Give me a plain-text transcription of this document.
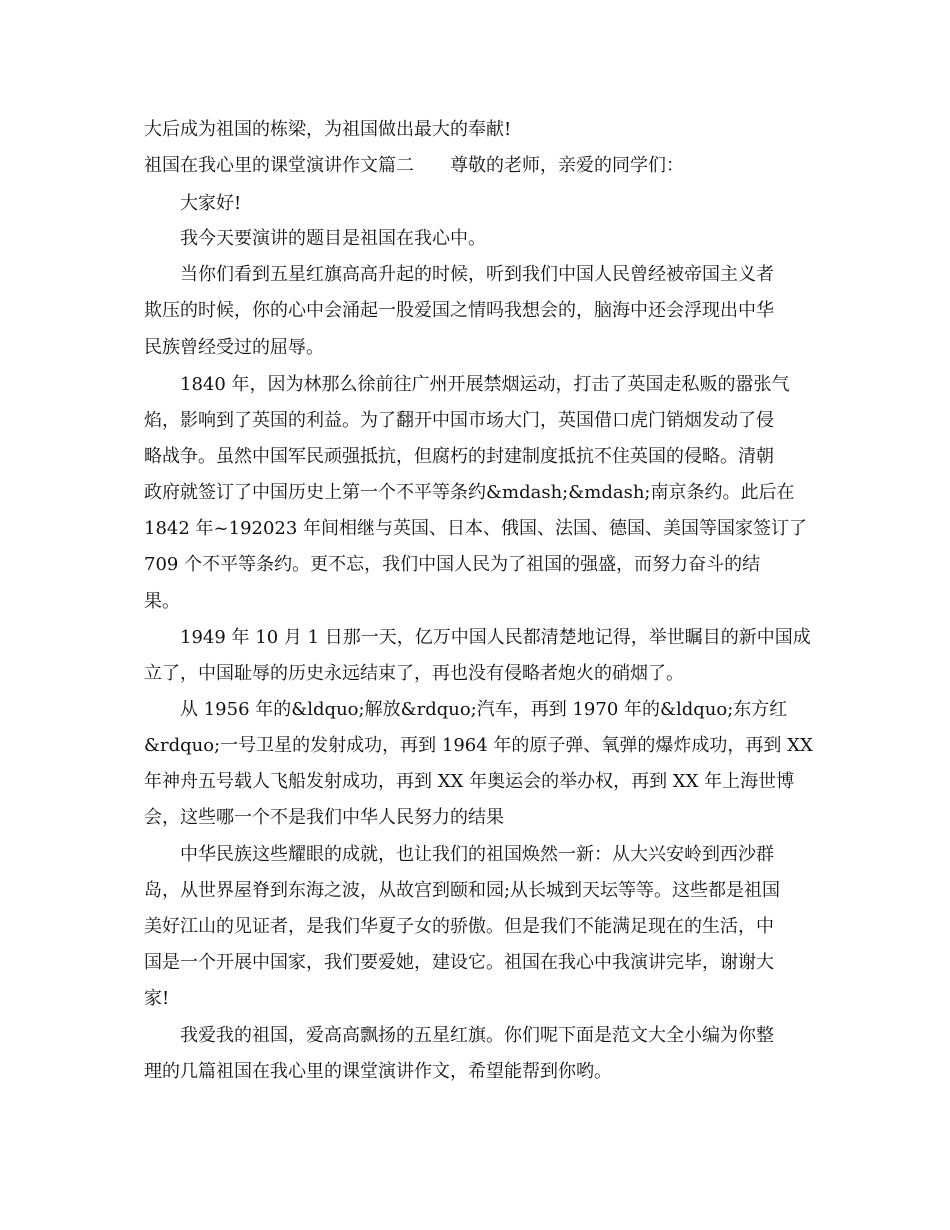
大后成为祖国的栋梁，为祖国做出最大的奉献!
祖国在我心里的课堂演讲作文篇二　　尊敬的老师，亲爱的同学们：
大家好!
我今天要演讲的题目是祖国在我心中。
当你们看到五星红旗高高升起的时候，听到我们中国人民曾经被帝国主义者
欺压的时候，你的心中会涌起一股爱国之情吗我想会的，脑海中还会浮现出中华
民族曾经受过的屈辱。
1840 年，因为林那么徐前往广州开展禁烟运动，打击了英国走私贩的嚣张气
焰，影响到了英国的利益。为了翻开中国市场大门，英国借口虎门销烟发动了侵
略战争。虽然中国军民顽强抵抗，但腐朽的封建制度抵抗不住英国的侵略。清朝
政府就签订了中国历史上第一个不平等条约&mdash;&mdash;南京条约。此后在
1842 年~192023 年间相继与英国、日本、俄国、法国、德国、美国等国家签订了
709 个不平等条约。更不忘，我们中国人民为了祖国的强盛，而努力奋斗的结
果。
1949 年 10 月 1 日那一天，亿万中国人民都清楚地记得，举世瞩目的新中国成
立了，中国耻辱的历史永远结束了，再也没有侵略者炮火的硝烟了。
从 1956 年的&ldquo;解放&rdquo;汽车，再到 1970 年的&ldquo;东方红
&rdquo;一号卫星的发射成功，再到 1964 年的原子弹、氧弹的爆炸成功，再到 XX
年神舟五号载人飞船发射成功，再到 XX 年奥运会的举办权，再到 XX 年上海世博
会，这些哪一个不是我们中华人民努力的结果
中华民族这些耀眼的成就，也让我们的祖国焕然一新：从大兴安岭到西沙群
岛，从世界屋脊到东海之波，从故宫到颐和园;从长城到天坛等等。这些都是祖国
美好江山的见证者，是我们华夏子女的骄傲。但是我们不能满足现在的生活，中
国是一个开展中国家，我们要爱她，建设它。祖国在我心中我演讲完毕，谢谢大
家!
我爱我的祖国，爱高高飘扬的五星红旗。你们呢下面是范文大全小编为你整
理的几篇祖国在我心里的课堂演讲作文，希望能帮到你哟。
